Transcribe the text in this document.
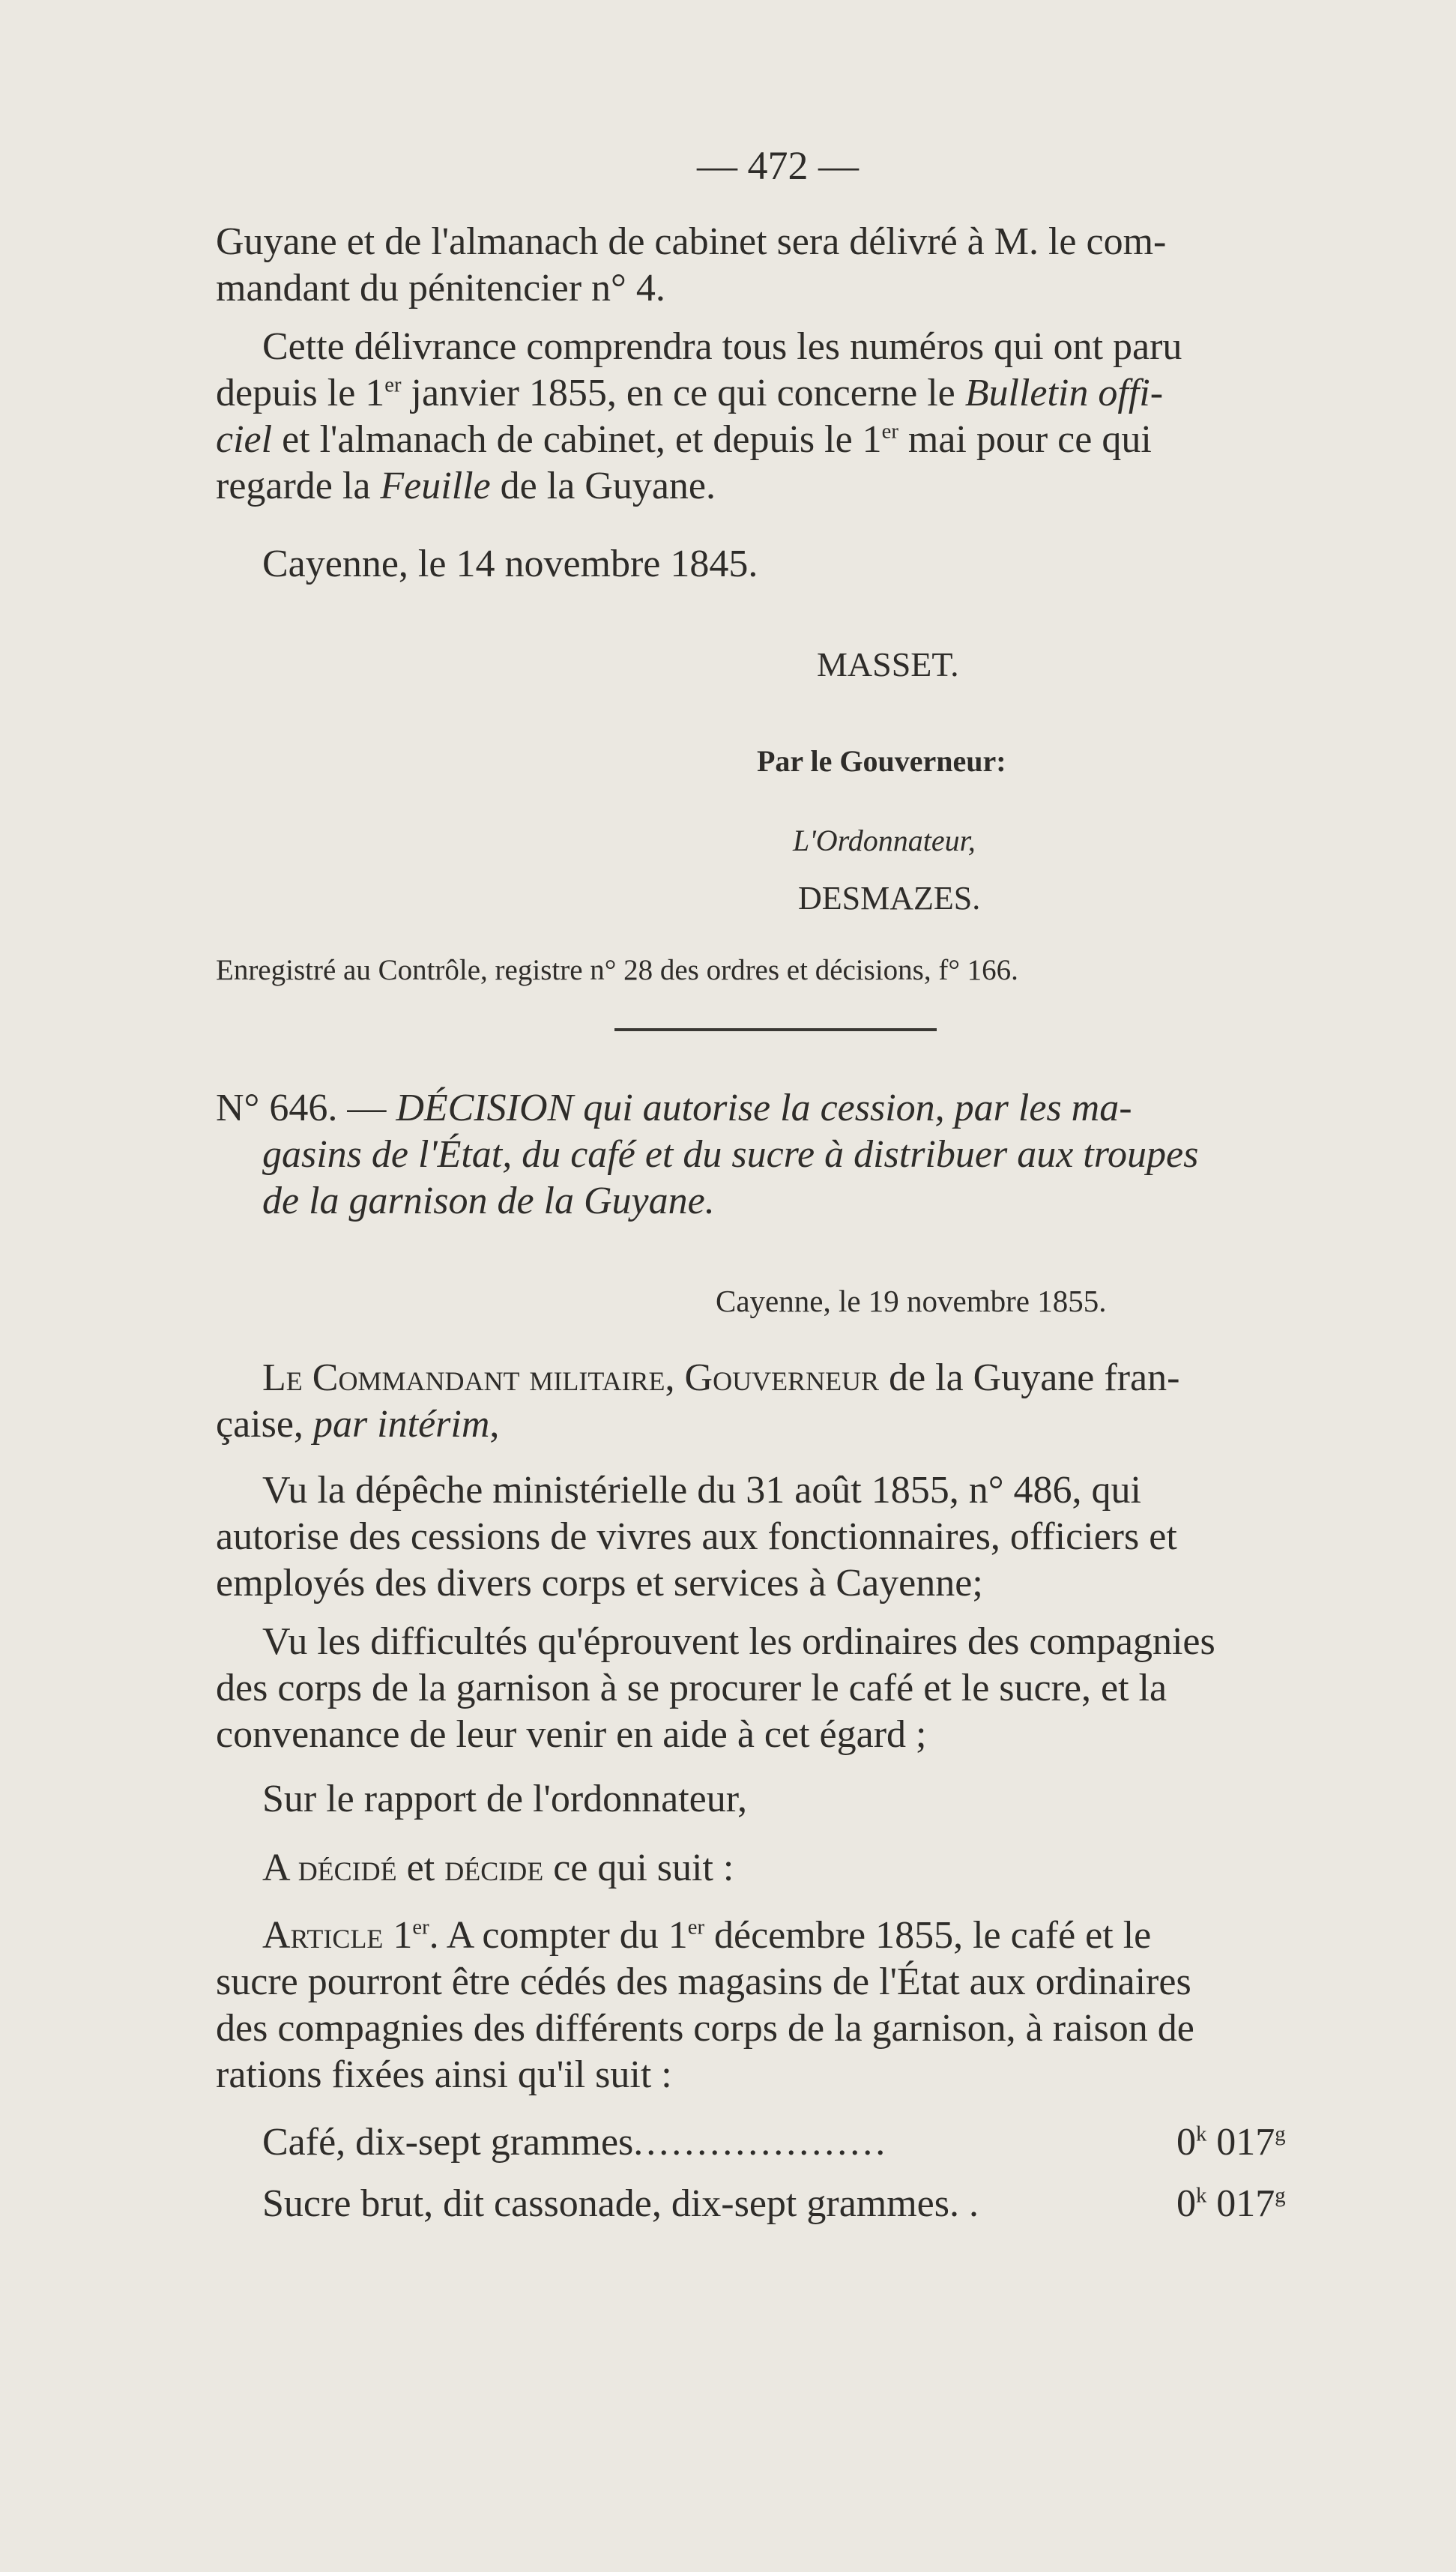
— 472 —
Guyane et de l'almanach de cabinet sera délivré à M. le com-
mandant du pénitencier n° 4.
Cette délivrance comprendra tous les numéros qui ont paru
depuis le 1er janvier 1855, en ce qui concerne le Bulletin offi-
ciel et l'almanach de cabinet, et depuis le 1er mai pour ce qui
regarde la Feuille de la Guyane.
Cayenne, le 14 novembre 1845.
MASSET.
Par le Gouverneur:
L'Ordonnateur,
DESMAZES.
Enregistré au Contrôle, registre n° 28 des ordres et décisions, f° 166.
N° 646. — DÉCISION qui autorise la cession, par les ma-
gasins de l'État, du café et du sucre à distribuer aux troupes
de la garnison de la Guyane.
Cayenne, le 19 novembre 1855.
Le Commandant militaire, Gouverneur de la Guyane fran-
çaise, par intérim,
Vu la dépêche ministérielle du 31 août 1855, n° 486, qui
autorise des cessions de vivres aux fonctionnaires, officiers et
employés des divers corps et services à Cayenne;
Vu les difficultés qu'éprouvent les ordinaires des compagnies
des corps de la garnison à se procurer le café et le sucre, et la
convenance de leur venir en aide à cet égard ;
Sur le rapport de l'ordonnateur,
A décidé et décide ce qui suit :
Article 1er. A compter du 1er décembre 1855, le café et le
sucre pourront être cédés des magasins de l'État aux ordinaires
des compagnies des différents corps de la garnison, à raison de
rations fixées ainsi qu'il suit :
Café, dix-sept grammes....................	0$^k$ 017$^g$
Sucre brut, dit cassonade, dix-sept grammes. .	0$^k$ 017$^g$
